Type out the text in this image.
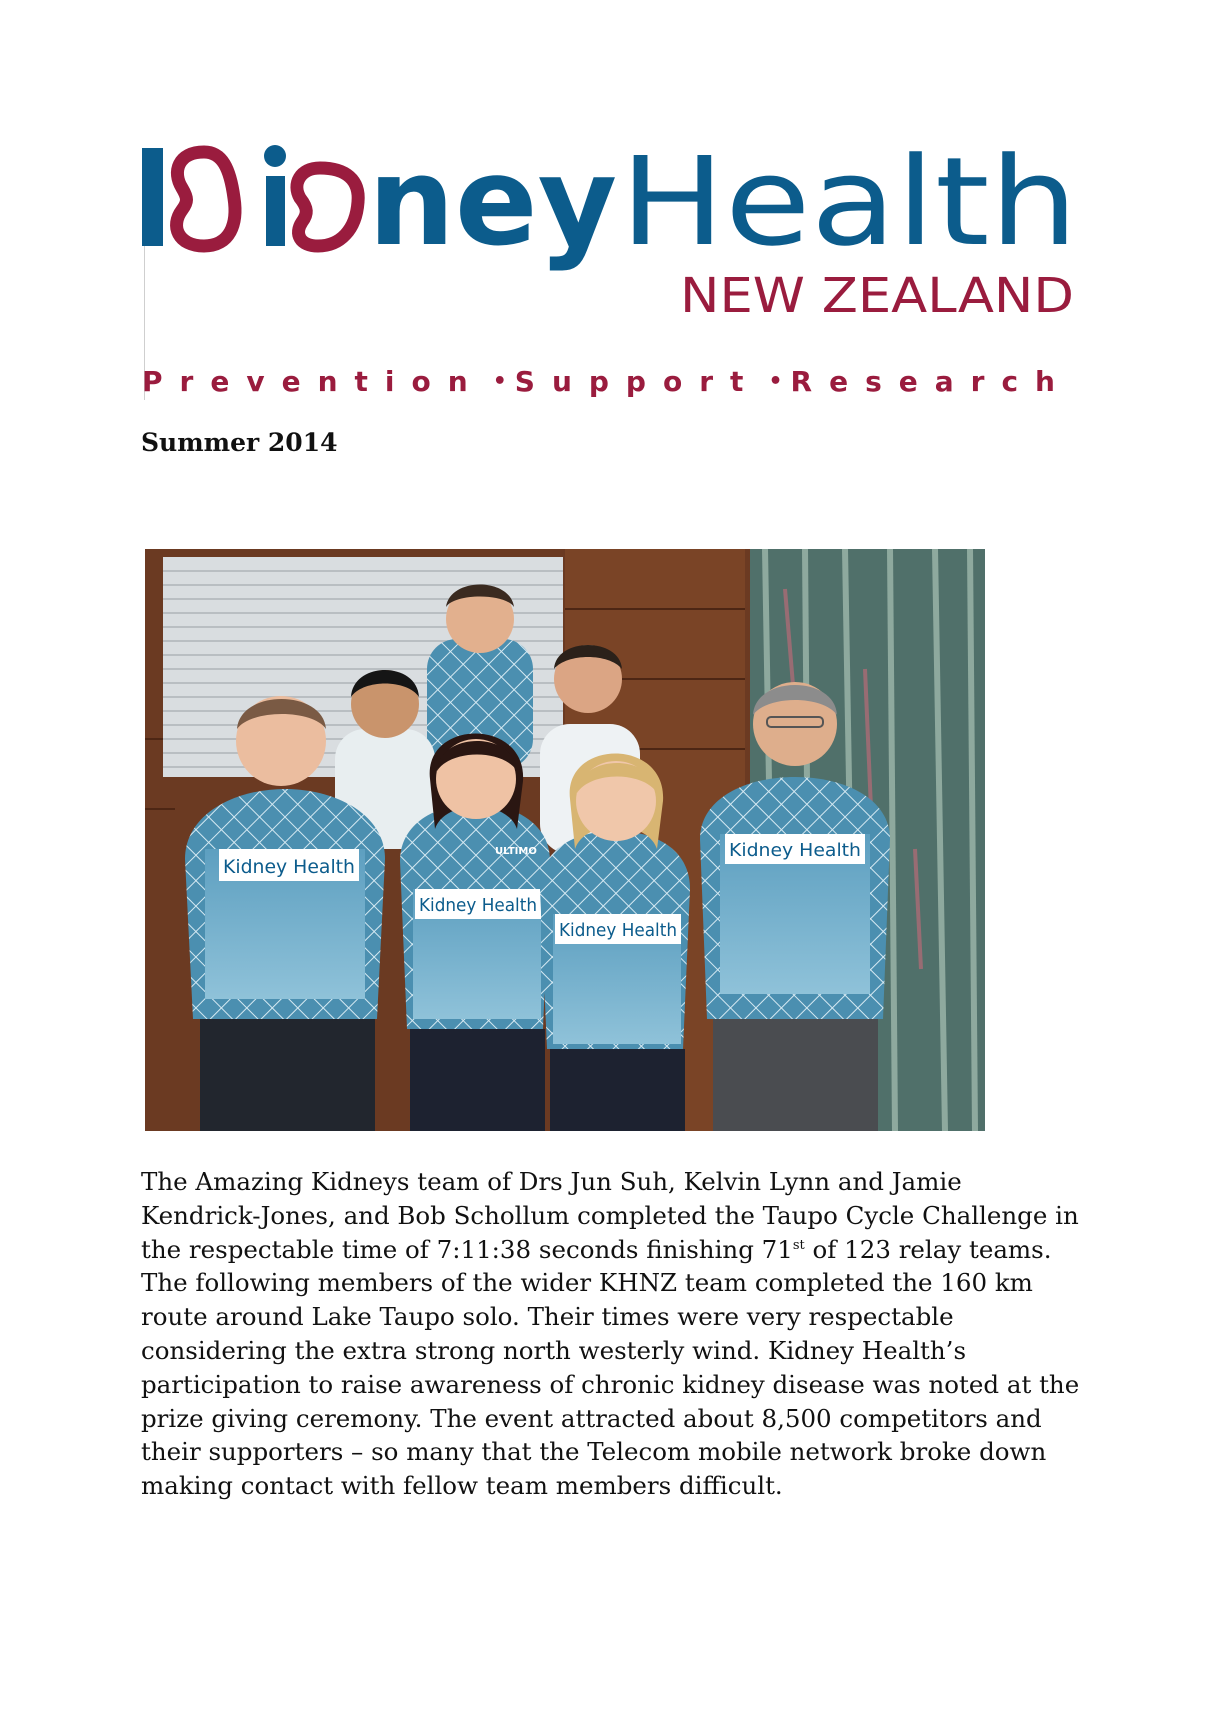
ney Health
NEW ZEALAND
Prevention • Support • Research
Summer 2014
Kidney Health
Kidney Health
ULTIMO
Kidney Health
Kidney Health

The Amazing Kidneys team of Drs Jun Suh, Kelvin Lynn and Jamie Kendrick-Jones, and Bob Schollum completed the Taupo Cycle Challenge in the respectable time of 7:11:38 seconds finishing 71st of 123 relay teams. The following members of the wider KHNZ team completed the 160 km route around Lake Taupo solo. Their times were very respectable considering the extra strong north westerly wind. Kidney Health’s participation to raise awareness of chronic kidney disease was noted at the prize giving ceremony. The event attracted about 8,500 competitors and their supporters – so many that the Telecom mobile network broke down making contact with fellow team members difficult.
